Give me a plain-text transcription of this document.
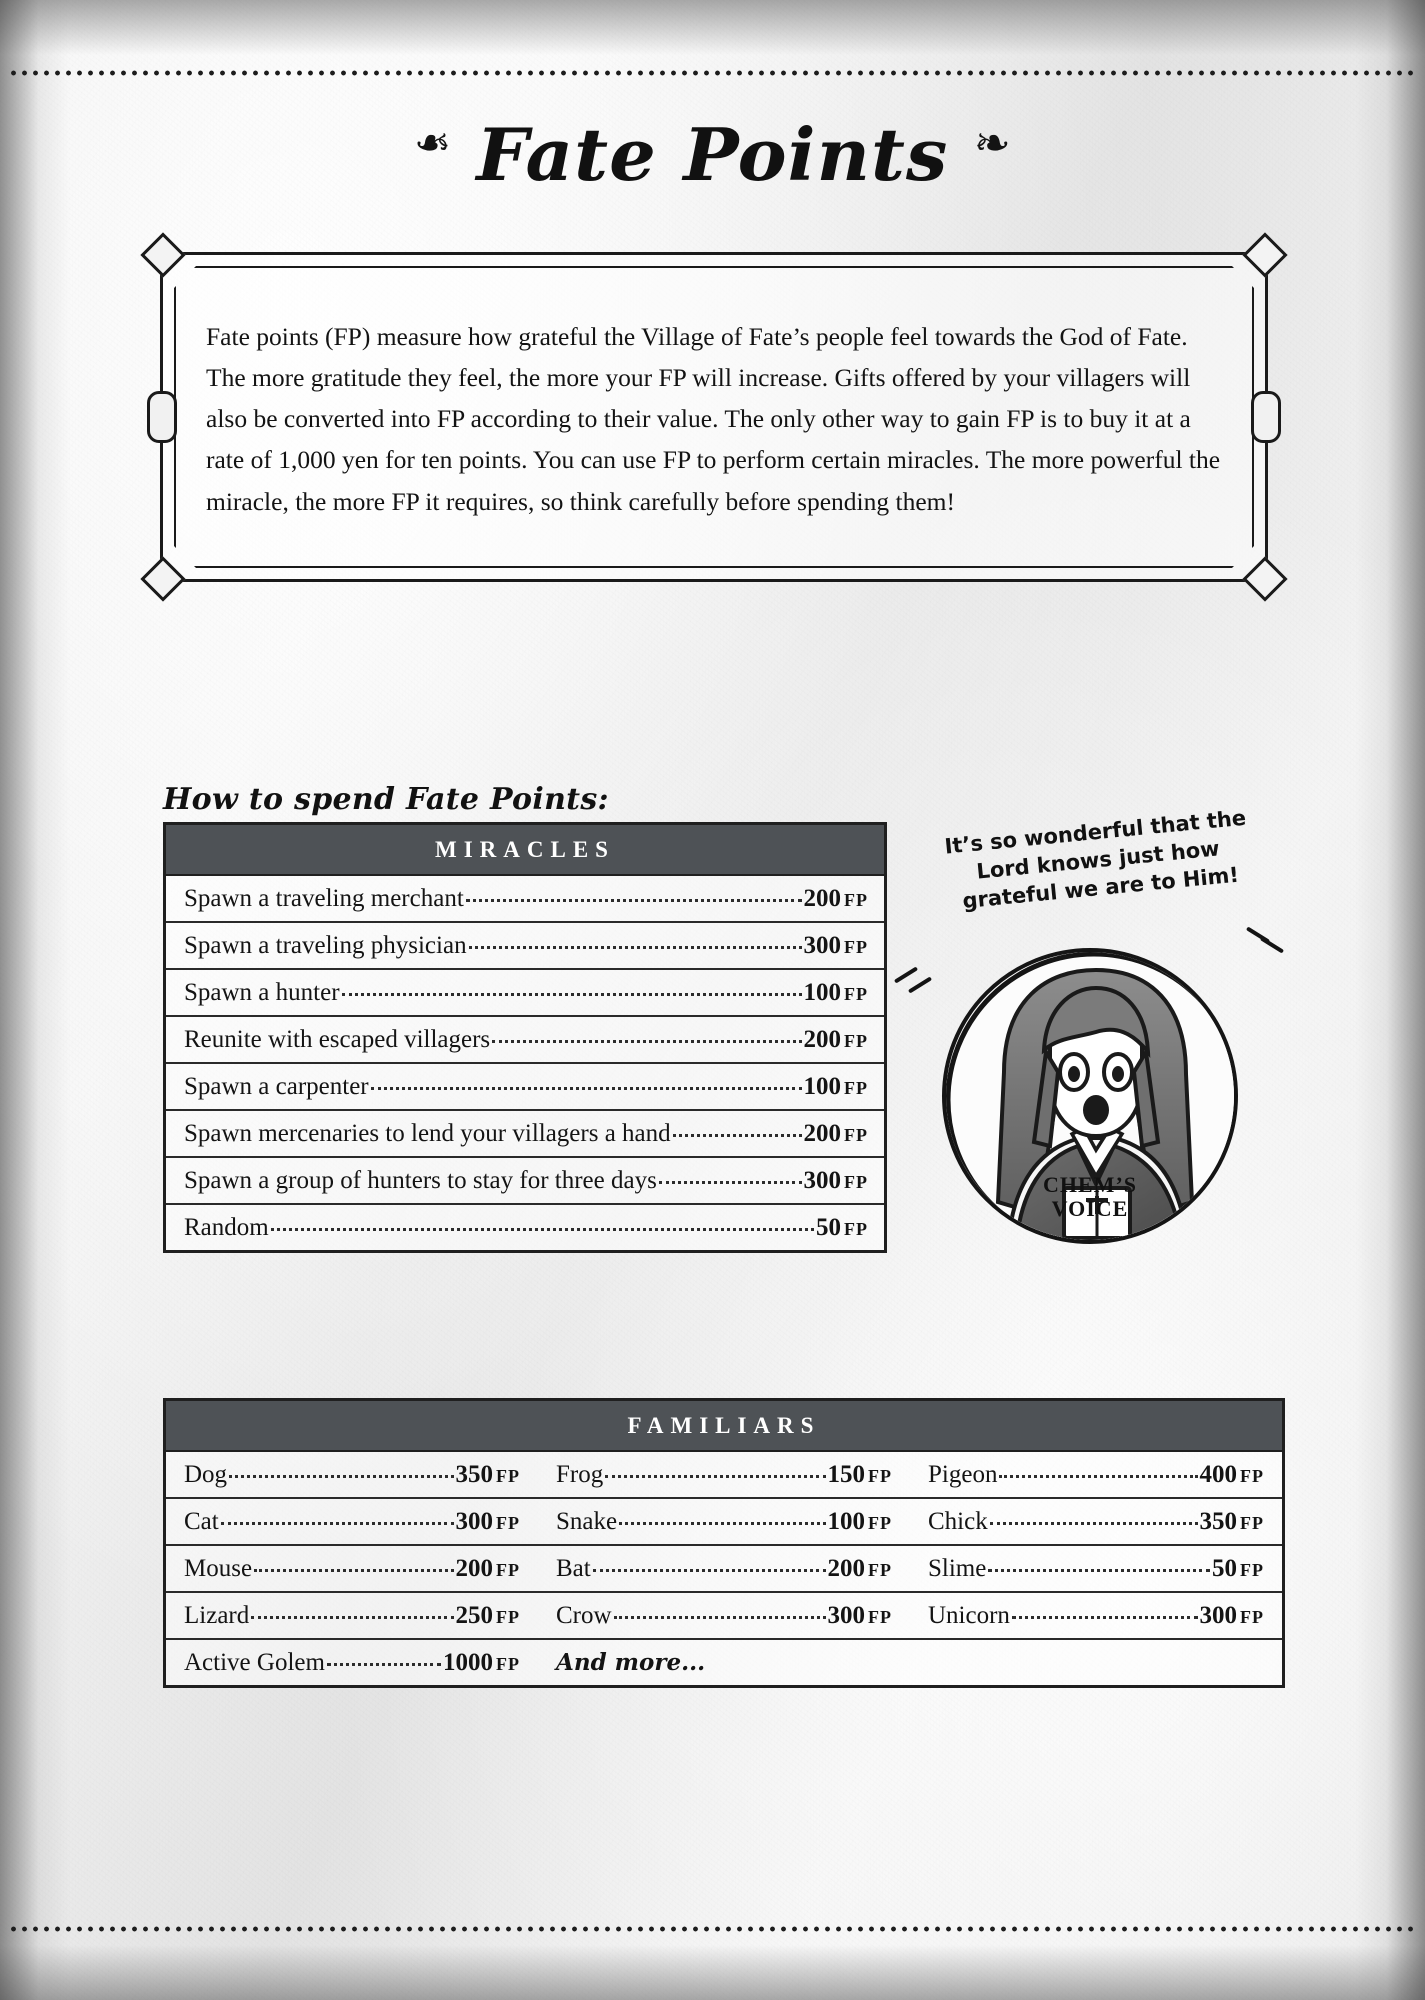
❧ Fate Points ❧

Fate points (FP) measure how grateful the Village of Fate’s people feel towards the God of Fate. The more gratitude they feel, the more your FP will increase. Gifts offered by your villagers will also be converted into FP according to their value. The only other way to gain FP is to buy it at a rate of 1,000 yen for ten points. You can use FP to perform certain miracles. The more powerful the miracle, the more FP it requires, so think carefully before spending them!

How to spend Fate Points:
MIRACLES
Spawn a traveling merchant	200 FP
Spawn a traveling physician	300 FP
Spawn a hunter	100 FP
Reunite with escaped villagers	200 FP
Spawn a carpenter	100 FP
Spawn mercenaries to lend your villagers a hand	200 FP
Spawn a group of hunters to stay for three days	300 FP
Random	50 FP
FAMILIARS
Dog	350 FP Frog	150 FP Pigeon	400 FP
Cat	300 FP Snake	100 FP Chick	350 FP
Mouse	200 FP Bat	200 FP Slime	50 FP
Lizard	250 FP Crow	300 FP Unicorn	300 FP
Active Golem	1000 FP	And more...
It’s so wonderful that the Lord knows just how grateful we are to Him!
CHEM’S
VOICE
